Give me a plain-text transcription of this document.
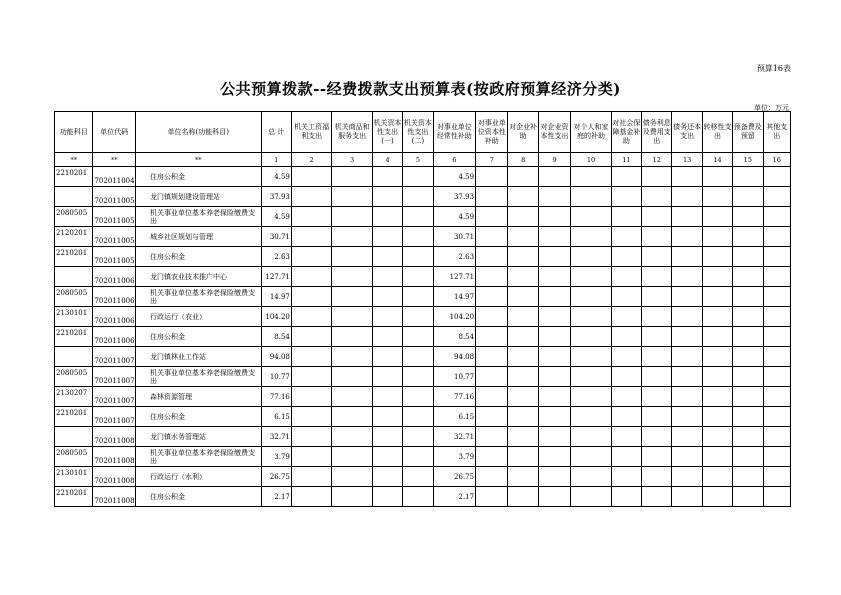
预算16表
公共预算拨款--经费拨款支出预算表(按政府预算经济分类)
单位：万元
功能科目	单位代码	单位名称(功能科目)	总 计	机关工资福利支出	机关商品和服务支出	机关资本性支出(一)	机关资本性支出(二)	对事业单位经常性补助	对事业单位资本性补助	对企业补助	对企业资本性支出	对个人和家庭的补助	对社会保障基金补助	债务利息及费用支出	债务还本支出	转移性支出	预备费及预留	其他支出
**	**	**	1	2	3	4	5	6	7	8	9	10	11	12	13	14	15	16
2210201	702011004	住房公积金	4.59					4.59										
	702011005	龙门镇规划建设管理站	37.93					37.93										
2080505	702011005	机关事业单位基本养老保险缴费支出	4.59					4.59										
2120201	702011005	城乡社区规划与管理	30.71					30.71										
2210201	702011005	住房公积金	2.63					2.63										
	702011006	龙门镇农业技术推广中心	127.71					127.71										
2080505	702011006	机关事业单位基本养老保险缴费支出	14.97					14.97										
2130101	702011006	行政运行（农业）	104.20					104.20										
2210201	702011006	住房公积金	8.54					8.54										
	702011007	龙门镇林业工作站	94.08					94.08										
2080505	702011007	机关事业单位基本养老保险缴费支出	10.77					10.77										
2130207	702011007	森林资源管理	77.16					77.16										
2210201	702011007	住房公积金	6.15					6.15										
	702011008	龙门镇水务管理站	32.71					32.71										
2080505	702011008	机关事业单位基本养老保险缴费支出	3.79					3.79										
2130101	702011008	行政运行（水利）	26.75					26.75										
2210201	702011008	住房公积金	2.17					2.17										
